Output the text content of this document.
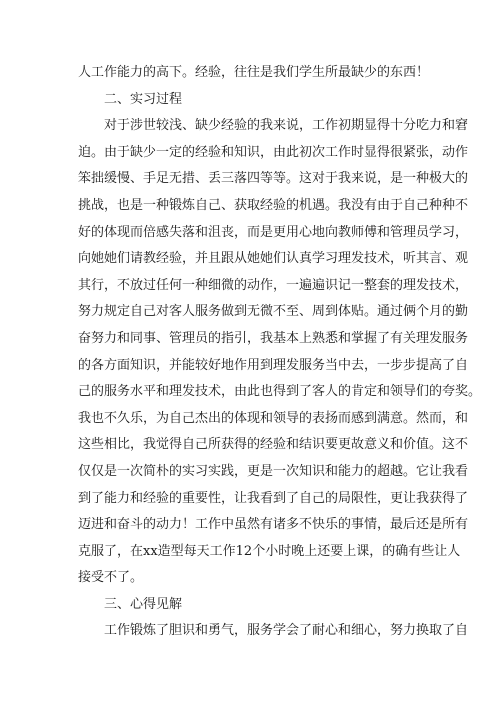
人工作能力的高下。经验，往往是我们学生所最缺少的东西！
二、实习过程
对于涉世较浅、缺少经验的我来说，工作初期显得十分吃力和窘
迫。由于缺少一定的经验和知识，由此初次工作时显得很紧张，动作
笨拙缓慢、手足无措、丢三落四等等。这对于我来说，是一种极大的
挑战，也是一种锻炼自己、获取经验的机遇。我没有由于自己种种不
好的体现而倍感失落和沮丧，而是更用心地向教师傅和管理员学习，
向她她们请教经验，并且跟从她她们认真学习理发技术，听其言、观
其行，不放过任何一种细微的动作，一遍遍识记一整套的理发技术，
努力规定自己对客人服务做到无微不至、周到体贴。通过俩个月的勤
奋努力和同事、管理员的指引，我基本上熟悉和掌握了有关理发服务
的各方面知识，并能较好地作用到理发服务当中去，一步步提高了自
己的服务水平和理发技术，由此也得到了客人的肯定和领导们的夸奖。
我也不久乐，为自己杰出的体现和领导的表扬而感到满意。然而，和
这些相比，我觉得自己所获得的经验和结识要更故意义和价值。这不
仅仅是一次简朴的实习实践，更是一次知识和能力的超越。它让我看
到了能力和经验的重要性，让我看到了自己的局限性，更让我获得了
迈进和奋斗的动力！工作中虽然有诸多不快乐的事情，最后还是所有
克服了，在xx造型每天工作12个小时晚上还要上课，的确有些让人
接受不了。
三、心得见解
工作锻炼了胆识和勇气，服务学会了耐心和细心，努力换取了自
